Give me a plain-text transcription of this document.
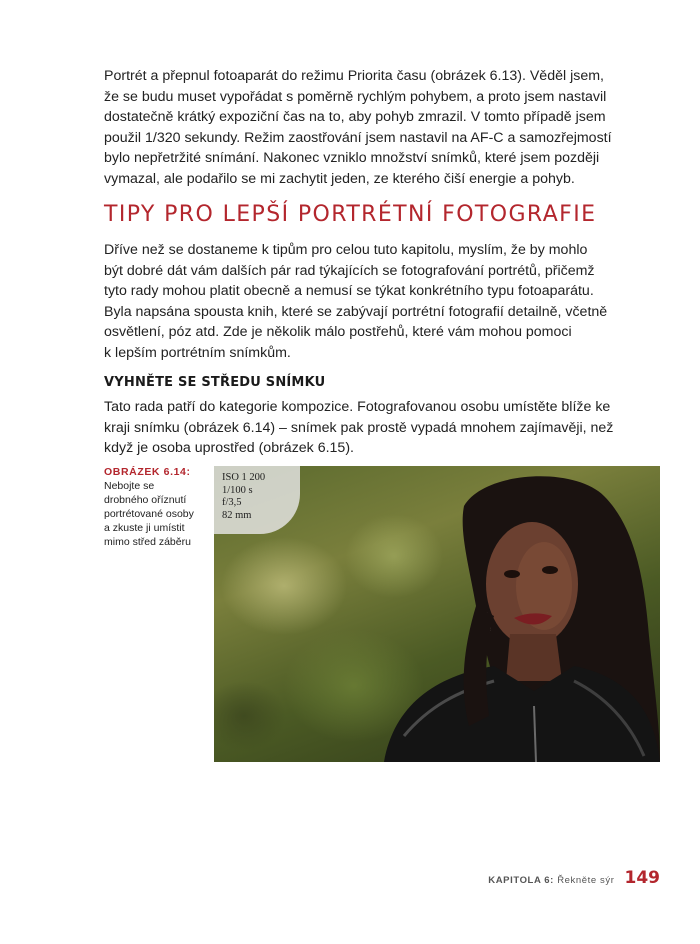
Portrét a přepnul fotoaparát do režimu Priorita času (obrázek 6.13). Věděl jsem,
že se budu muset vypořádat s poměrně rychlým pohybem, a proto jsem nastavil
dostatečně krátký expoziční čas na to, aby pohyb zmrazil. V tomto případě jsem
použil 1/320 sekundy. Režim zaostřování jsem nastavil na AF-C a samozřejmostí
bylo nepřetržité snímání. Nakonec vzniklo množství snímků, které jsem později
vymazal, ale podařilo se mi zachytit jeden, ze kterého čiší energie a pohyb.

TIPY PRO LEPŠÍ PORTRÉTNÍ FOTOGRAFIE

Dříve než se dostaneme k tipům pro celou tuto kapitolu, myslím, že by mohlo
být dobré dát vám dalších pár rad týkajících se fotografování portrétů, přičemž
tyto rady mohou platit obecně a nemusí se týkat konkrétního typu fotoaparátu.
Byla napsána spousta knih, které se zabývají portrétní fotografií detailně, včetně
osvětlení, póz atd. Zde je několik málo postřehů, které vám mohou pomoci
k lepším portrétním snímkům.

VYHNĚTE SE STŘEDU SNÍMKU

Tato rada patří do kategorie kompozice. Fotografovanou osobu umístěte blíže ke
kraji snímku (obrázek 6.14) – snímek pak prostě vypadá mnohem zajímavěji, než
když je osoba uprostřed (obrázek 6.15).

OBRÁZEK 6.14:
Nebojte se
drobného oříznutí
portrétované osoby
a zkuste ji umístit
mimo střed záběru
ISO 1 200
1/100 s
f/3,5
82 mm
KAPITOLA 6: Řekněte sýr 149
